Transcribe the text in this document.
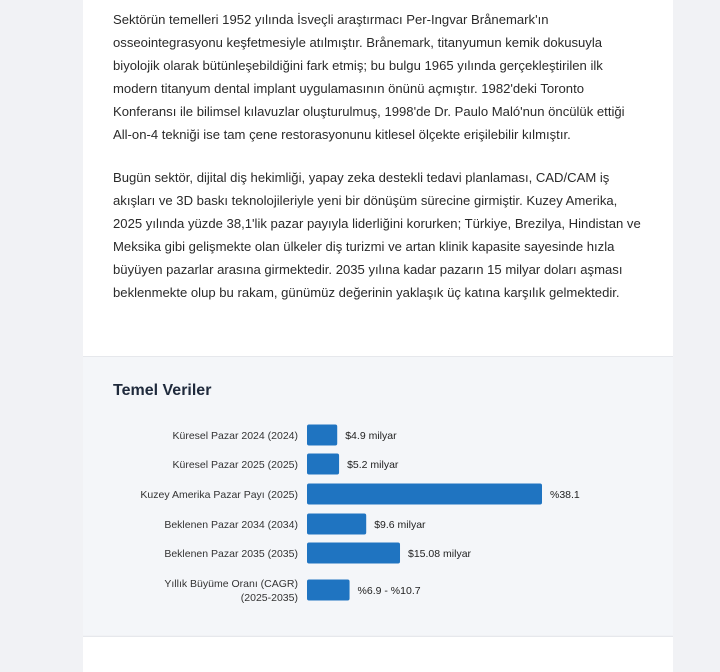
Sektörün temelleri 1952 yılında İsveçli araştırmacı Per-Ingvar Brånemark'ın osseointegrasyonu keşfetmesiyle atılmıştır. Brånemark, titanyumun kemik dokusuyla biyolojik olarak bütünleşebildiğini fark etmiş; bu bulgu 1965 yılında gerçekleştirilen ilk modern titanyum dental implant uygulamasının önünü açmıştır. 1982'deki Toronto Konferansı ile bilimsel kılavuzlar oluşturulmuş, 1998'de Dr. Paulo Maló'nun öncülük ettiği All-on-4 tekniği ise tam çene restorasyonunu kitlesel ölçekte erişilebilir kılmıştır.

Bugün sektör, dijital diş hekimliği, yapay zeka destekli tedavi planlaması, CAD/CAM iş akışları ve 3D baskı teknolojileriyle yeni bir dönüşüm sürecine girmiştir. Kuzey Amerika, 2025 yılında yüzde 38,1'lik pazar payıyla liderliğini korurken; Türkiye, Brezilya, Hindistan ve Meksika gibi gelişmekte olan ülkeler diş turizmi ve artan klinik kapasite sayesinde hızla büyüyen pazarlar arasına girmektedir. 2035 yılına kadar pazarın 15 milyar doları aşması beklenmekte olup bu rakam, günümüz değerinin yaklaşık üç katına karşılık gelmektedir.

Temel Veriler
Küresel Pazar 2024 (2024)	$4.9 milyar
Küresel Pazar 2025 (2025)	$5.2 milyar
Kuzey Amerika Pazar Payı (2025)	%38.1
Beklenen Pazar 2034 (2034)	$9.6 milyar
Beklenen Pazar 2035 (2035)	$15.08 milyar
Yıllık Büyüme Oranı (CAGR) (2025-2035)
%6.9 - %10.7
